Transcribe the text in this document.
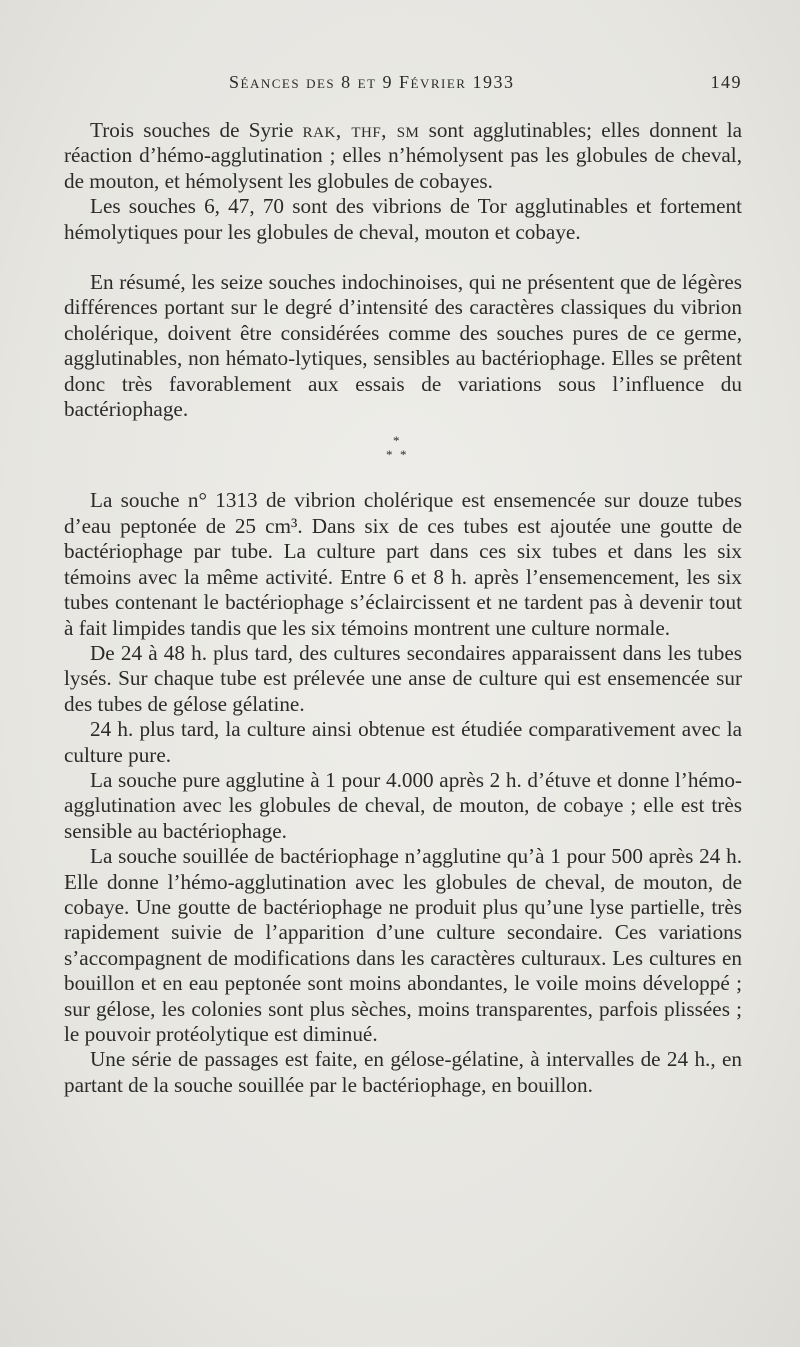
Séances des 8 et 9 Février 1933	149

Trois souches de Syrie rak, thf, sm sont agglutinables; elles donnent la réaction d’hémo-agglutination ; elles n’hémolysent pas les globules de cheval, de mouton, et hémolysent les globules de cobayes.

Les souches 6, 47, 70 sont des vibrions de Tor agglutinables et fortement hémolytiques pour les globules de cheval, mouton et cobaye.

En résumé, les seize souches indochinoises, qui ne présentent que de légères différences portant sur le degré d’intensité des caractères classiques du vibrion cholérique, doivent être considérées comme des souches pures de ce germe, agglutinables, non hémato-lytiques, sensibles au bactériophage. Elles se prêtent donc très favorablement aux essais de variations sous l’influence du bactériophage.

*
* *

La souche n° 1313 de vibrion cholérique est ensemencée sur douze tubes d’eau peptonée de 25 cm³. Dans six de ces tubes est ajoutée une goutte de bactériophage par tube. La culture part dans ces six tubes et dans les six témoins avec la même activité. Entre 6 et 8 h. après l’ensemencement, les six tubes contenant le bactériophage s’éclaircissent et ne tardent pas à devenir tout à fait limpides tandis que les six témoins montrent une culture normale.

De 24 à 48 h. plus tard, des cultures secondaires apparaissent dans les tubes lysés. Sur chaque tube est prélevée une anse de culture qui est ensemencée sur des tubes de gélose gélatine.

24 h. plus tard, la culture ainsi obtenue est étudiée comparativement avec la culture pure.

La souche pure agglutine à 1 pour 4.000 après 2 h. d’étuve et donne l’hémo-agglutination avec les globules de cheval, de mouton, de cobaye ; elle est très sensible au bactériophage.

La souche souillée de bactériophage n’agglutine qu’à 1 pour 500 après 24 h. Elle donne l’hémo-agglutination avec les globules de cheval, de mouton, de cobaye. Une goutte de bactériophage ne produit plus qu’une lyse partielle, très rapidement suivie de l’apparition d’une culture secondaire. Ces variations s’accompagnent de modifications dans les caractères culturaux. Les cultures en bouillon et en eau peptonée sont moins abondantes, le voile moins développé ; sur gélose, les colonies sont plus sèches, moins transparentes, parfois plissées ; le pouvoir protéolytique est diminué.

Une série de passages est faite, en gélose-gélatine, à intervalles de 24 h., en partant de la souche souillée par le bactériophage, en bouillon.
